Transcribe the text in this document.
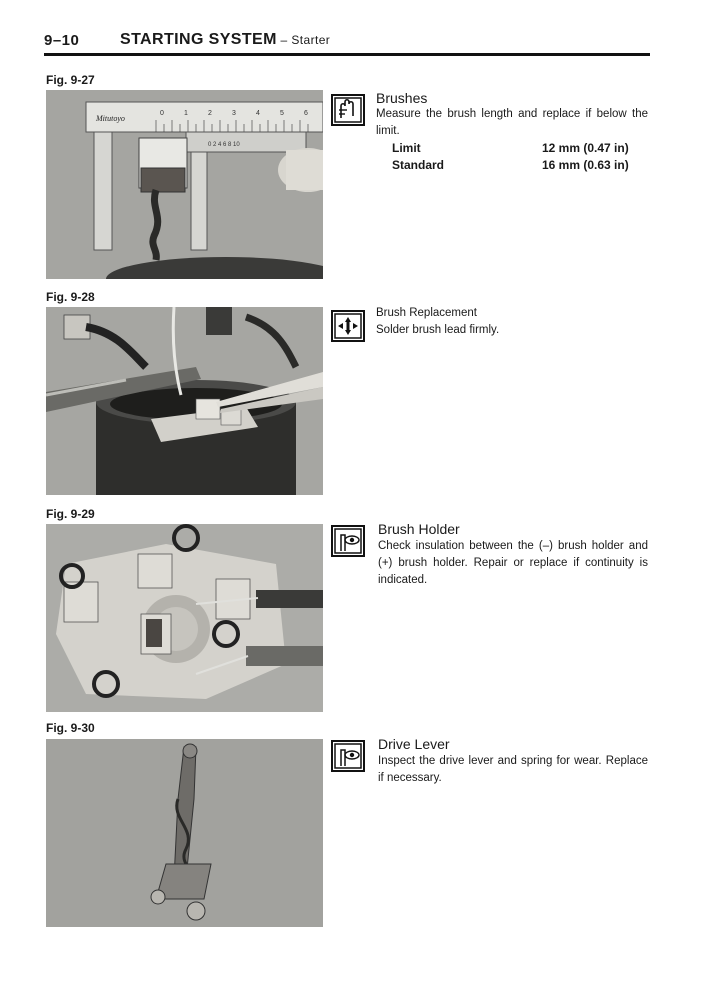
9–10	STARTING SYSTEM – Starter
Fig. 9-27
Mitutoyo
0	1	2	3	4	5	6
0 2 4 6 8 10
Brushes
Measure the brush length and replace if below the limit.
Limit	12 mm (0.47 in)
Standard	16 mm (0.63 in)
Fig. 9-28
Brush Replacement
Solder brush lead firmly.
Fig. 9-29
Brush Holder
Check insulation between the (–) brush holder and (+) brush holder. Repair or replace if continuity is indicated.
Fig. 9-30
Drive Lever
Inspect the drive lever and spring for wear. Replace if necessary.
